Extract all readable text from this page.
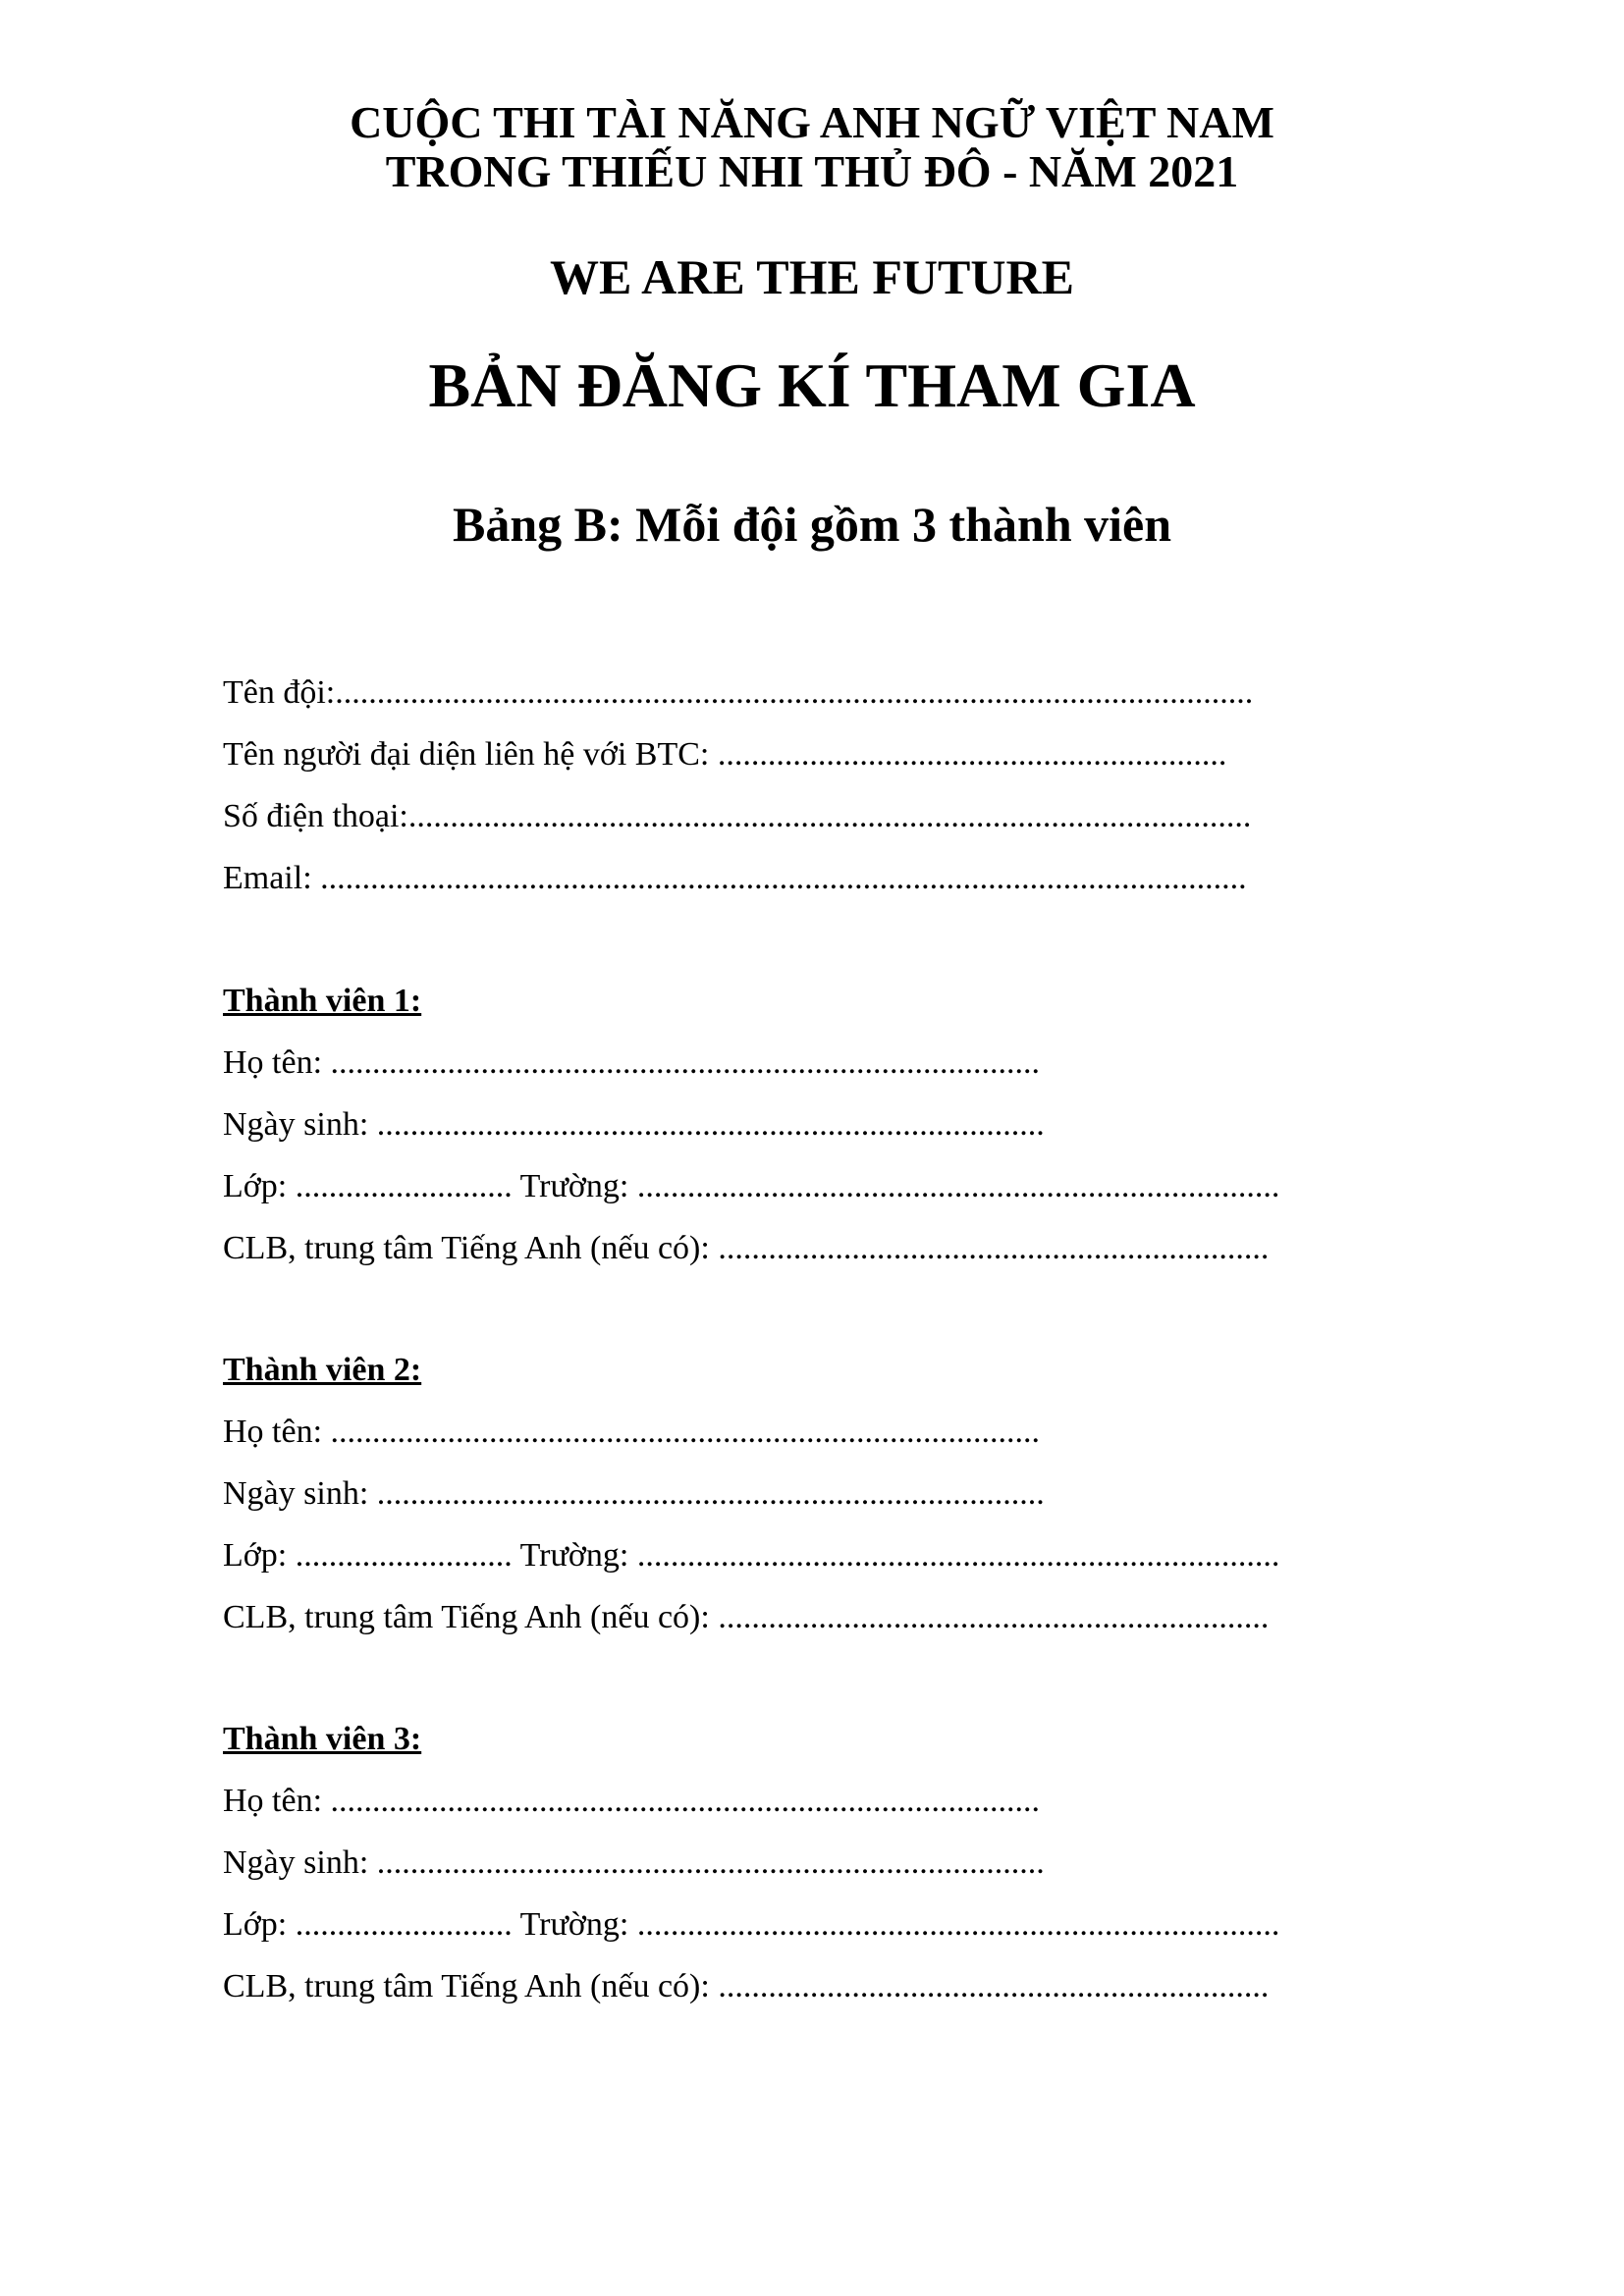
CUỘC THI TÀI NĂNG ANH NGỮ VIỆT NAM
TRONG THIẾU NHI THỦ ĐÔ - NĂM 2021
WE ARE THE FUTURE
BẢN ĐĂNG KÍ THAM GIA
Bảng B: Mỗi đội gồm 3 thành viên
Tên đội:..............................................................................................................
Tên người đại diện liên hệ với BTC: .............................................................
Số điện thoại:.....................................................................................................
Email: ...............................................................................................................
Thành viên 1:
Họ tên: .....................................................................................
Ngày sinh: ................................................................................
Lớp: .......................... Trường: .............................................................................
CLB, trung tâm Tiếng Anh (nếu có): ..................................................................
Thành viên 2:
Họ tên: .....................................................................................
Ngày sinh: ................................................................................
Lớp: .......................... Trường: .............................................................................
CLB, trung tâm Tiếng Anh (nếu có): ..................................................................
Thành viên 3:
Họ tên: .....................................................................................
Ngày sinh: ................................................................................
Lớp: .......................... Trường: .............................................................................
CLB, trung tâm Tiếng Anh (nếu có): ..................................................................
